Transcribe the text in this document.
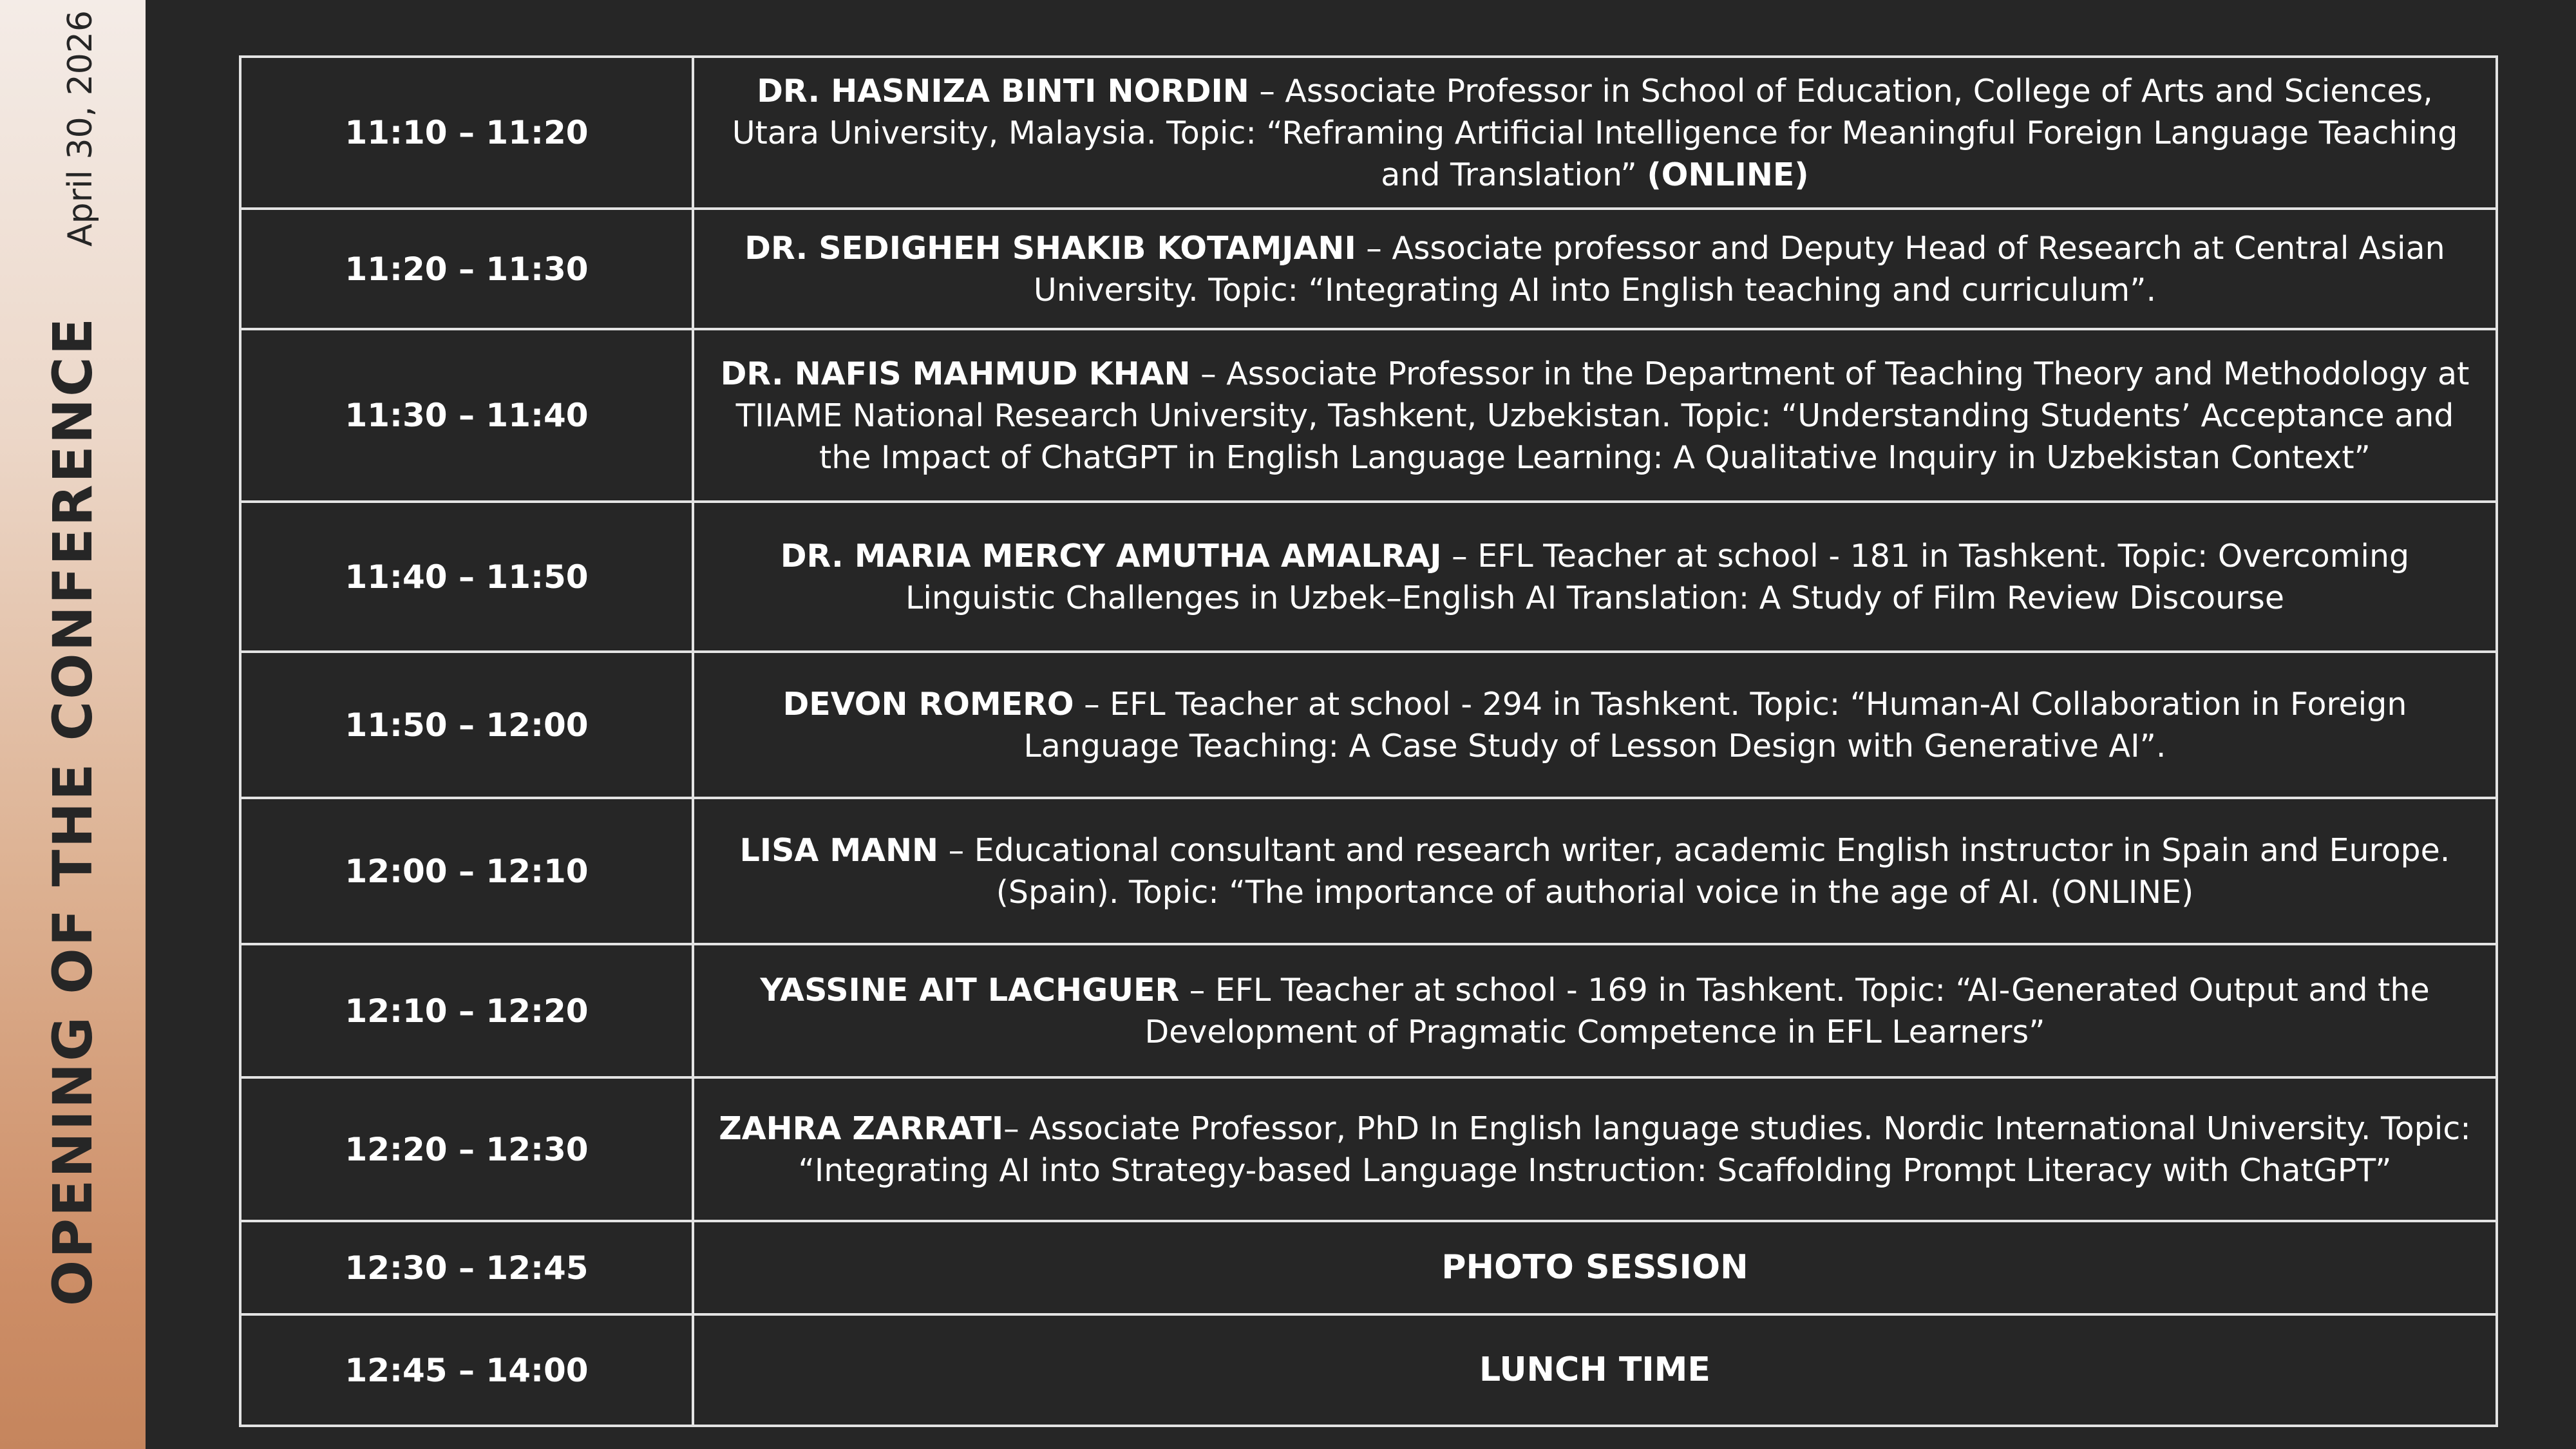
OPENING OF THE CONFERENCE
April 30, 2026	11:10 – 11:20	DR. HASNIZA BINTI NORDIN – Associate Professor in School of Education, College of Arts and Sciences, Utara University, Malaysia. Topic: “Reframing Artificial Intelligence for Meaningful Foreign Language Teaching and Translation” (ONLINE)
11:20 – 11:30	DR. SEDIGHEH SHAKIB KOTAMJANI – Associate professor and Deputy Head of Research at Central Asian University. Topic: “Integrating AI into English teaching and curriculum”.
11:30 – 11:40	DR. NAFIS MAHMUD KHAN – Associate Professor in the Department of Teaching Theory and Methodology at TIIAME National Research University, Tashkent, Uzbekistan. Topic: “Understanding Students’ Acceptance and the Impact of ChatGPT in English Language Learning: A Qualitative Inquiry in Uzbekistan Context”
11:40 – 11:50	DR. MARIA MERCY AMUTHA AMALRAJ – EFL Teacher at school - 181 in Tashkent. Topic: Overcoming Linguistic Challenges in Uzbek–English AI Translation: A Study of Film Review Discourse
11:50 – 12:00	DEVON ROMERO – EFL Teacher at school - 294 in Tashkent. Topic: “Human-AI Collaboration in Foreign Language Teaching: A Case Study of Lesson Design with Generative AI”.
12:00 – 12:10	LISA MANN – Educational consultant and research writer, academic English instructor in Spain and Europe. (Spain). Topic: “The importance of authorial voice in the age of AI. (ONLINE)
12:10 – 12:20	YASSINE AIT LACHGUER – EFL Teacher at school - 169 in Tashkent. Topic: “AI-Generated Output and the Development of Pragmatic Competence in EFL Learners”
12:20 – 12:30	ZAHRA ZARRATI– Associate Professor, PhD In English language studies. Nordic International University. Topic: “Integrating AI into Strategy-based Language Instruction: Scaffolding Prompt Literacy with ChatGPT”
12:30 – 12:45	PHOTO SESSION
12:45 – 14:00	LUNCH TIME
